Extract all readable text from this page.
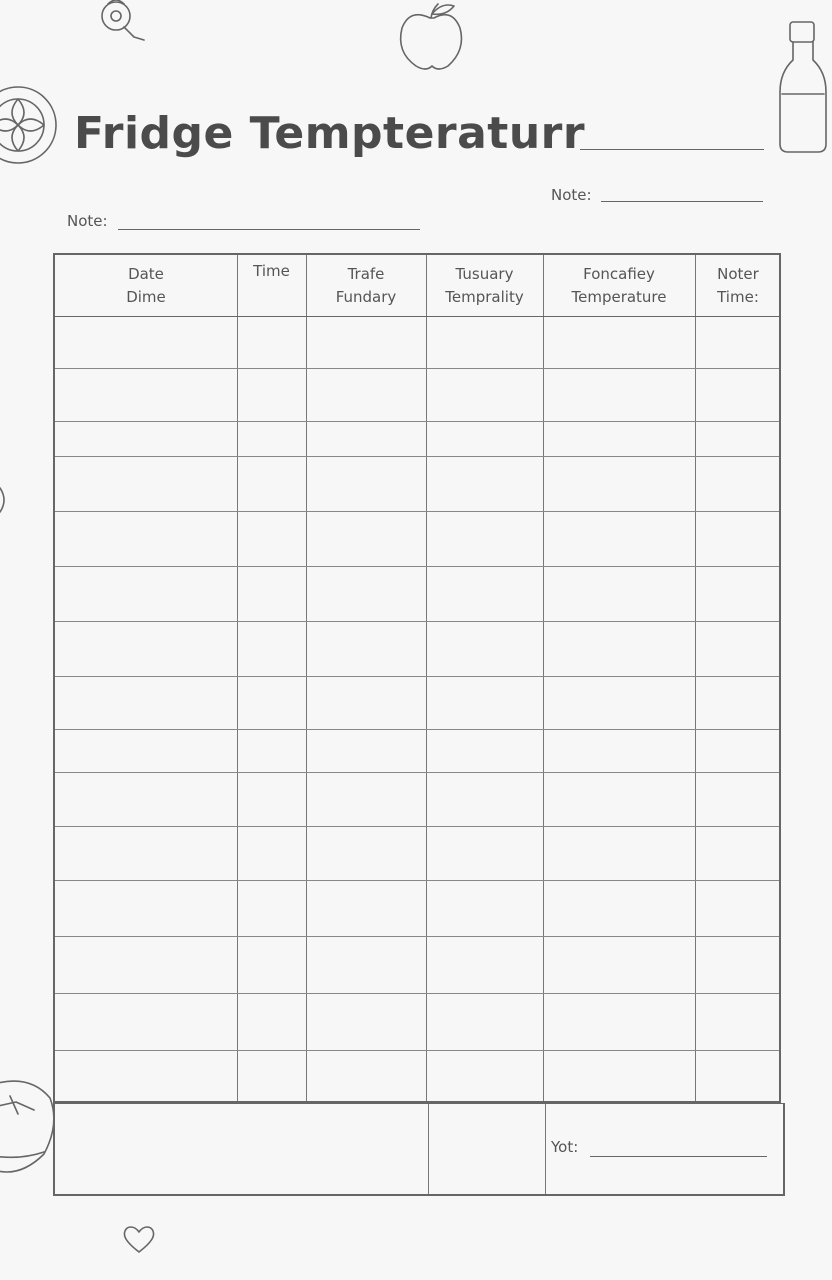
Fridge Tempteraturr
Note:
Note:
Date
Dime
Time	Trafe
Fundary
Tusuary
Temprality
Foncafiey
Temperature
Noter
Time:
Yot:
